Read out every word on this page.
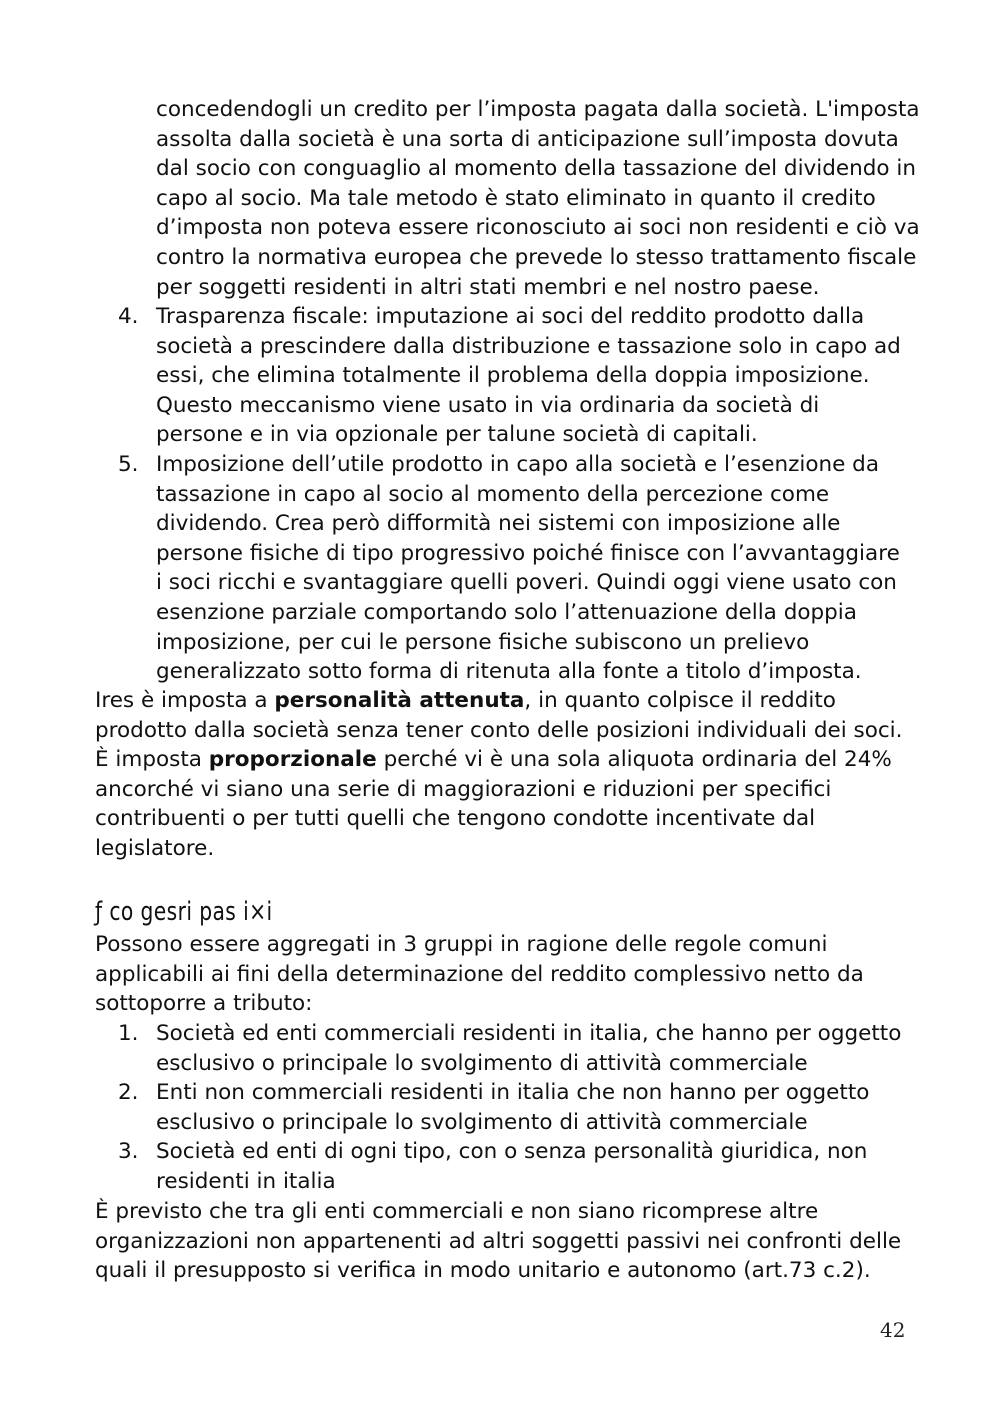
concedendogli un credito per l’imposta pagata dalla società. L'imposta assolta dalla società è una sorta di anticipazione sull’imposta dovuta dal socio con conguaglio al momento della tassazione del dividendo in capo al socio. Ma tale metodo è stato eliminato in quanto il credito d’imposta non poteva essere riconosciuto ai soci non residenti e ciò va contro la normativa europea che prevede lo stesso trattamento fiscale per soggetti residenti in altri stati membri e nel nostro paese.
4. Trasparenza fiscale: imputazione ai soci del reddito prodotto dalla società a prescindere dalla distribuzione e tassazione solo in capo ad essi, che elimina totalmente il problema della doppia imposizione. Questo meccanismo viene usato in via ordinaria da società di persone e in via opzionale per talune società di capitali.
5. Imposizione dell’utile prodotto in capo alla società e l’esenzione da tassazione in capo al socio al momento della percezione come dividendo. Crea però difformità nei sistemi con imposizione alle persone fisiche di tipo progressivo poiché finisce con l’avvantaggiare i soci ricchi e svantaggiare quelli poveri. Quindi oggi viene usato con esenzione parziale comportando solo l’attenuazione della doppia imposizione, per cui le persone fisiche subiscono un prelievo generalizzato sotto forma di ritenuta alla fonte a titolo d’imposta.

Ires è imposta a personalità attenuta, in quanto colpisce il reddito prodotto dalla società senza tener conto delle posizioni individuali dei soci.

È imposta proporzionale perché vi è una sola aliquota ordinaria del 24% ancorché vi siano una serie di maggiorazioni e riduzioni per specifici contribuenti o per tutti quelli che tengono condotte incentivate dal legislatore.

ƒ co gesri pas i×i
Possono essere aggregati in 3 gruppi in ragione delle regole comuni applicabili ai fini della determinazione del reddito complessivo netto da sottoporre a tributo:
1. Società ed enti commerciali residenti in italia, che hanno per oggetto esclusivo o principale lo svolgimento di attività commerciale
2. Enti non commerciali residenti in italia che non hanno per oggetto esclusivo o principale lo svolgimento di attività commerciale
3. Società ed enti di ogni tipo, con o senza personalità giuridica, non residenti in italia
È previsto che tra gli enti commerciali e non siano ricomprese altre organizzazioni non appartenenti ad altri soggetti passivi nei confronti delle quali il presupposto si verifica in modo unitario e autonomo (art.73 c.2).
42
